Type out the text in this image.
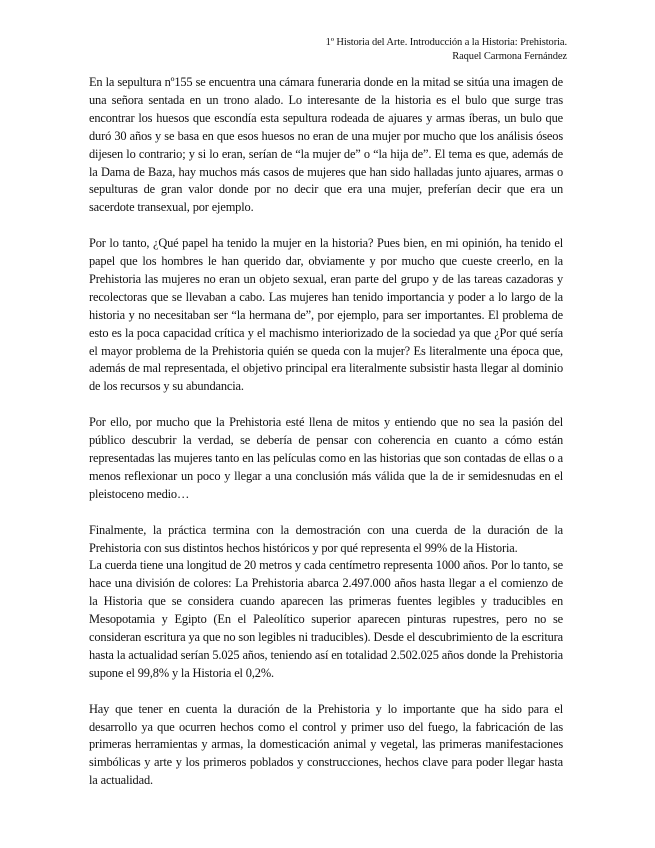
1º Historia del Arte. Introducción a la Historia: Prehistoria.
Raquel Carmona Fernández

En la sepultura nº155 se encuentra una cámara funeraria donde en la mitad se sitúa una imagen de una señora sentada en un trono alado. Lo interesante de la historia es el bulo que surge tras encontrar los huesos que escondía esta sepultura rodeada de ajuares y armas íberas, un bulo que duró 30 años y se basa en que esos huesos no eran de una mujer por mucho que los análisis óseos dijesen lo contrario; y si lo eran, serían de “la mujer de” o “la hija de”. El tema es que, además de la Dama de Baza, hay muchos más casos de mujeres que han sido halladas junto ajuares, armas o sepulturas de gran valor donde por no decir que era una mujer, preferían decir que era un sacerdote transexual, por ejemplo.

Por lo tanto, ¿Qué papel ha tenido la mujer en la historia? Pues bien, en mi opinión, ha tenido el papel que los hombres le han querido dar, obviamente y por mucho que cueste creerlo, en la Prehistoria las mujeres no eran un objeto sexual, eran parte del grupo y de las tareas cazadoras y recolectoras que se llevaban a cabo. Las mujeres han tenido importancia y poder a lo largo de la historia y no necesitaban ser “la hermana de”, por ejemplo, para ser importantes. El problema de esto es la poca capacidad crítica y el machismo interiorizado de la sociedad ya que ¿Por qué sería el mayor problema de la Prehistoria quién se queda con la mujer? Es literalmente una época que, además de mal representada, el objetivo principal era literalmente subsistir hasta llegar al dominio de los recursos y su abundancia.

Por ello, por mucho que la Prehistoria esté llena de mitos y entiendo que no sea la pasión del público descubrir la verdad, se debería de pensar con coherencia en cuanto a cómo están representadas las mujeres tanto en las películas como en las historias que son contadas de ellas o a menos reflexionar un poco y llegar a una conclusión más válida que la de ir semidesnudas en el pleistoceno medio…

Finalmente, la práctica termina con la demostración con una cuerda de la duración de la Prehistoria con sus distintos hechos históricos y por qué representa el 99% de la Historia.

La cuerda tiene una longitud de 20 metros y cada centímetro representa 1000 años. Por lo tanto, se hace una división de colores: La Prehistoria abarca 2.497.000 años hasta llegar a el comienzo de la Historia que se considera cuando aparecen las primeras fuentes legibles y traducibles en Mesopotamia y Egipto (En el Paleolítico superior aparecen pinturas rupestres, pero no se consideran escritura ya que no son legibles ni traducibles). Desde el descubrimiento de la escritura hasta la actualidad serían 5.025 años, teniendo así en totalidad 2.502.025 años donde la Prehistoria supone el 99,8% y la Historia el 0,2%.

Hay que tener en cuenta la duración de la Prehistoria y lo importante que ha sido para el desarrollo ya que ocurren hechos como el control y primer uso del fuego, la fabricación de las primeras herramientas y armas, la domesticación animal y vegetal, las primeras manifestaciones simbólicas y arte y los primeros poblados y construcciones, hechos clave para poder llegar hasta la actualidad.
